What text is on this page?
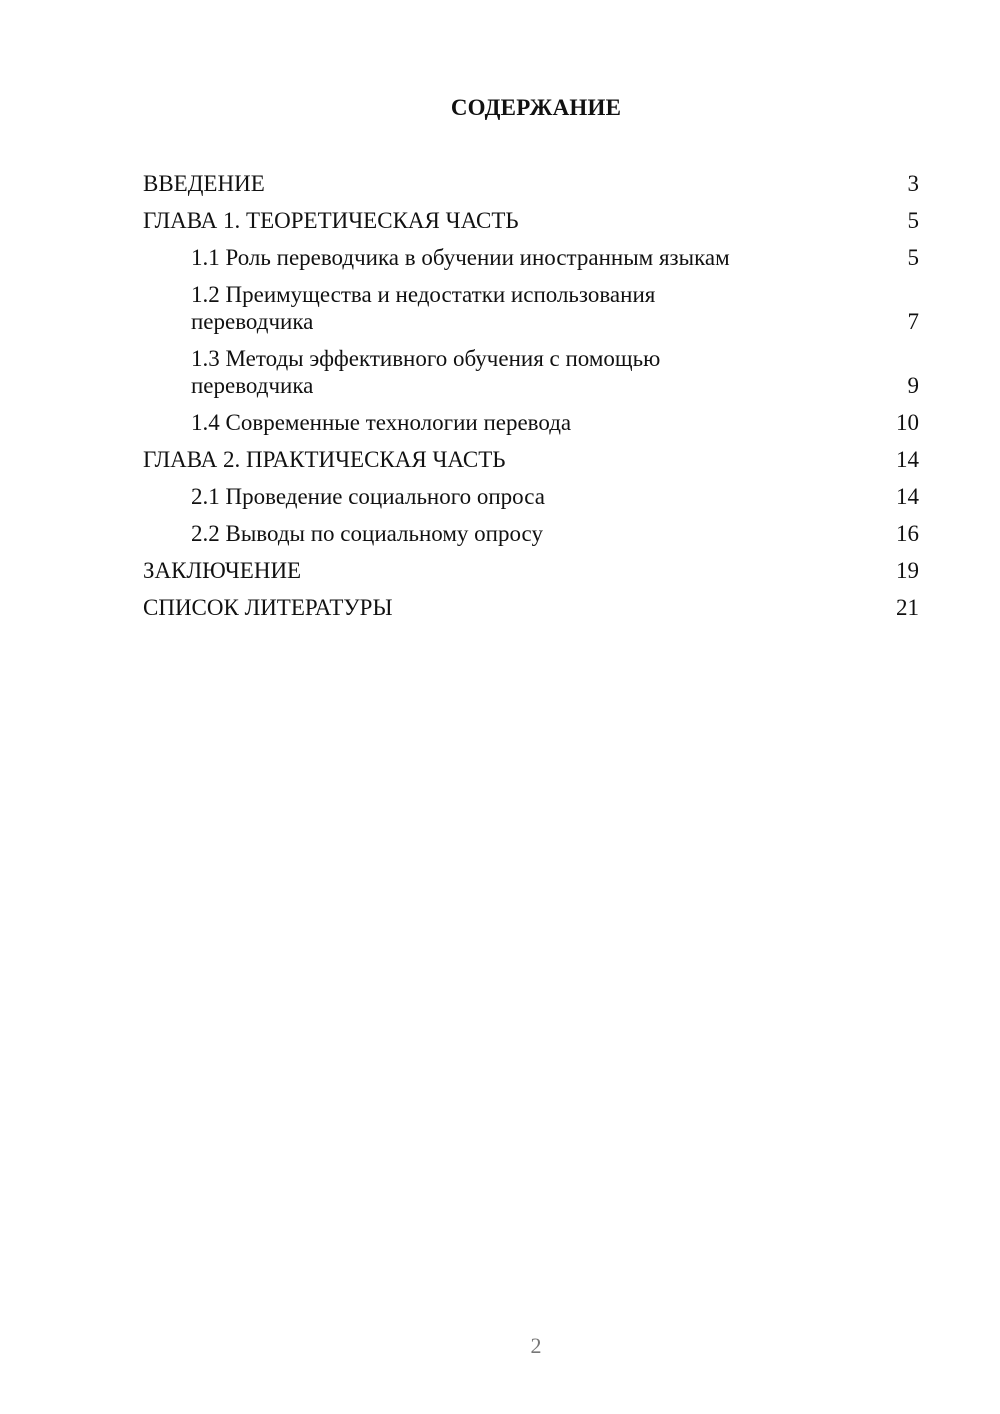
СОДЕРЖАНИЕ
ВВЕДЕНИЕ	3
ГЛАВА 1. ТЕОРЕТИЧЕСКАЯ ЧАСТЬ	5
1.1 Роль переводчика в обучении иностранным языкам	5
1.2 Преимущества и недостатки использования
переводчика	7
1.3 Методы эффективного обучения с помощью
переводчика	9
1.4 Современные технологии перевода	10
ГЛАВА 2. ПРАКТИЧЕСКАЯ ЧАСТЬ	14
2.1 Проведение социального опроса	14
2.2 Выводы по социальному опросу	16
ЗАКЛЮЧЕНИЕ	19
СПИСОК ЛИТЕРАТУРЫ	21
2
